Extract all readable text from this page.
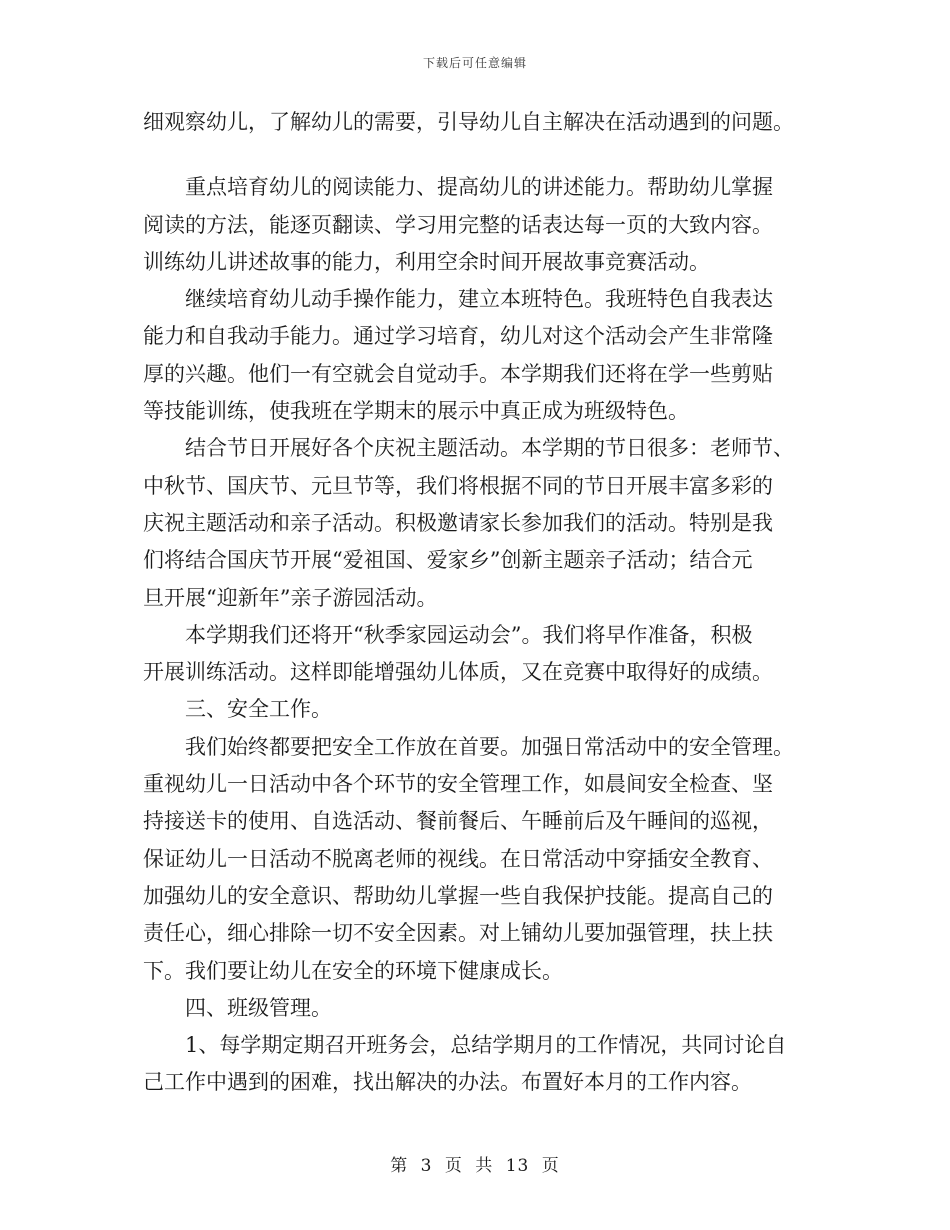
下载后可任意编辑
细观察幼儿，了解幼儿的需要，引导幼儿自主解决在活动遇到的问题。
重点培育幼儿的阅读能力、提高幼儿的讲述能力。帮助幼儿掌握
阅读的方法，能逐页翻读、学习用完整的话表达每一页的大致内容。
训练幼儿讲述故事的能力，利用空余时间开展故事竞赛活动。
继续培育幼儿动手操作能力，建立本班特色。我班特色自我表达
能力和自我动手能力。通过学习培育，幼儿对这个活动会产生非常隆
厚的兴趣。他们一有空就会自觉动手。本学期我们还将在学一些剪贴
等技能训练，使我班在学期末的展示中真正成为班级特色。
结合节日开展好各个庆祝主题活动。本学期的节日很多：老师节、
中秋节、国庆节、元旦节等，我们将根据不同的节日开展丰富多彩的
庆祝主题活动和亲子活动。积极邀请家长参加我们的活动。特别是我
们将结合国庆节开展“爱祖国、爱家乡”创新主题亲子活动；结合元
旦开展“迎新年”亲子游园活动。
本学期我们还将开“秋季家园运动会”。我们将早作准备，积极
开展训练活动。这样即能增强幼儿体质，又在竞赛中取得好的成绩。
三、安全工作。
我们始终都要把安全工作放在首要。加强日常活动中的安全管理。
重视幼儿一日活动中各个环节的安全管理工作，如晨间安全检查、坚
持接送卡的使用、自选活动、餐前餐后、午睡前后及午睡间的巡视，
保证幼儿一日活动不脱离老师的视线。在日常活动中穿插安全教育、
加强幼儿的安全意识、帮助幼儿掌握一些自我保护技能。提高自己的
责任心，细心排除一切不安全因素。对上铺幼儿要加强管理，扶上扶
下。我们要让幼儿在安全的环境下健康成长。
四、班级管理。
1、每学期定期召开班务会，总结学期月的工作情况，共同讨论自
己工作中遇到的困难，找出解决的办法。布置好本月的工作内容。
第 3 页 共 13 页
